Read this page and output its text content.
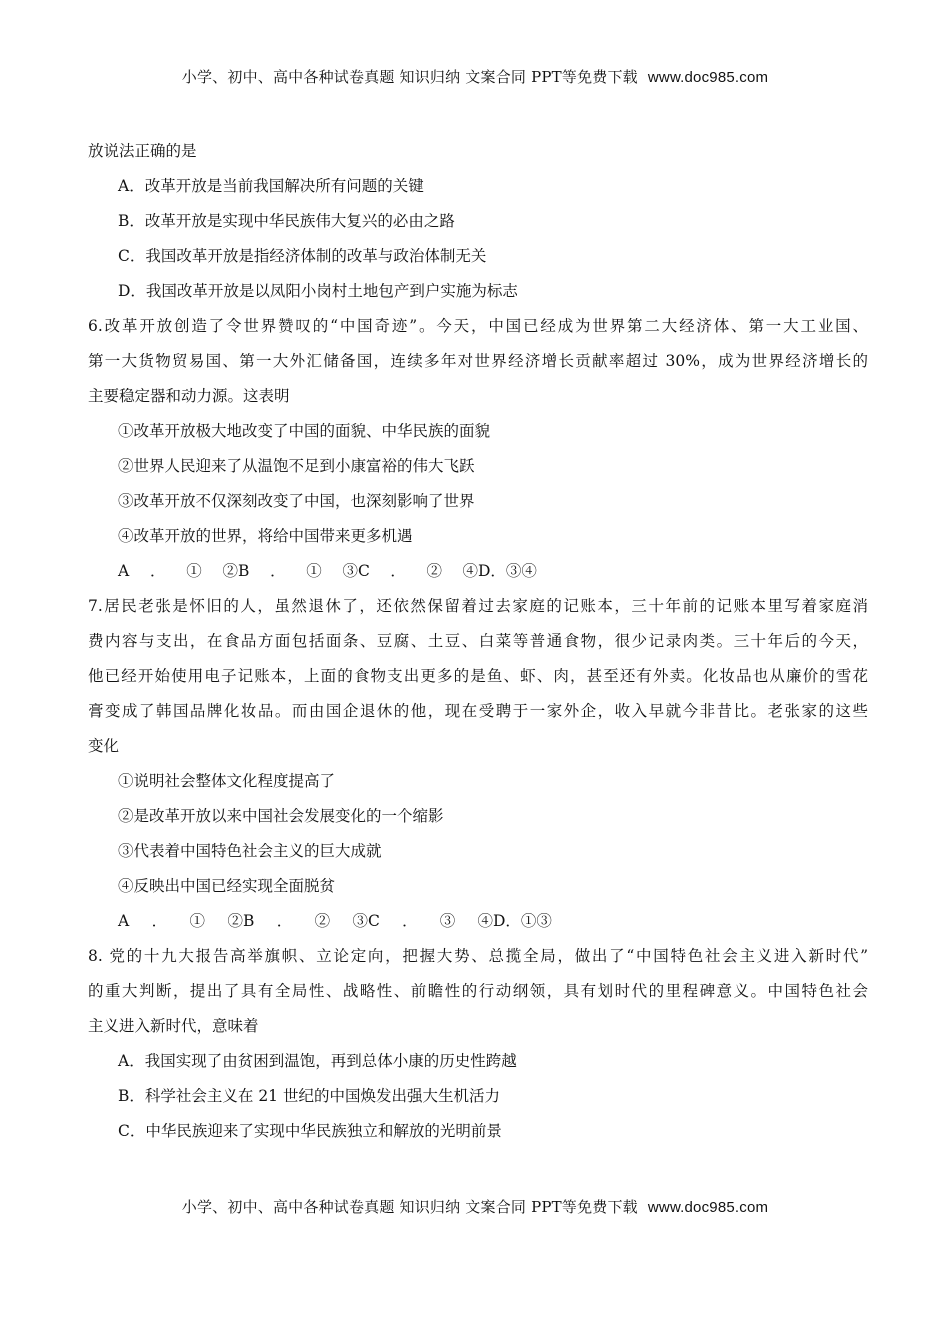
小学、初中、高中各种试卷真题 知识归纳 文案合同 PPT等免费下载 www.doc985.com
放说法正确的是
A．改革开放是当前我国解决所有问题的关键
B．改革开放是实现中华民族伟大复兴的必由之路
C．我国改革开放是指经济体制的改革与政治体制无关
D．我国改革开放是以凤阳小岗村土地包产到户实施为标志
6.改革开放创造了令世界赞叹的“中国奇迹”。今天，中国已经成为世界第二大经济体、第一大工业国、
第一大货物贸易国、第一大外汇储备国，连续多年对世界经济增长贡献率超过 30%，成为世界经济增长的
主要稳定器和动力源。这表明
①改革开放极大地改变了中国的面貌、中华民族的面貌
②世界人民迎来了从温饱不足到小康富裕的伟大飞跃
③改革开放不仅深刻改变了中国，也深刻影响了世界
④改革开放的世界，将给中国带来更多机遇
A．①② B．①③ C．②④ D．③④
7.居民老张是怀旧的人，虽然退休了，还依然保留着过去家庭的记账本，三十年前的记账本里写着家庭消
费内容与支出，在食品方面包括面条、豆腐、土豆、白菜等普通食物，很少记录肉类。三十年后的今天，
他已经开始使用电子记账本，上面的食物支出更多的是鱼、虾、肉，甚至还有外卖。化妆品也从廉价的雪花
膏变成了韩国品牌化妆品。而由国企退休的他，现在受聘于一家外企，收入早就今非昔比。老张家的这些
变化
①说明社会整体文化程度提高了
②是改革开放以来中国社会发展变化的一个缩影
③代表着中国特色社会主义的巨大成就
④反映出中国已经实现全面脱贫
A．①② B．②③ C．③④ D．①③
8. 党的十九大报告高举旗帜、立论定向，把握大势、总揽全局，做出了“中国特色社会主义进入新时代”
的重大判断，提出了具有全局性、战略性、前瞻性的行动纲领，具有划时代的里程碑意义。中国特色社会
主义进入新时代，意味着
A．我国实现了由贫困到温饱，再到总体小康的历史性跨越
B．科学社会主义在 21 世纪的中国焕发出强大生机活力
C．中华民族迎来了实现中华民族独立和解放的光明前景
小学、初中、高中各种试卷真题 知识归纳 文案合同 PPT等免费下载 www.doc985.com
